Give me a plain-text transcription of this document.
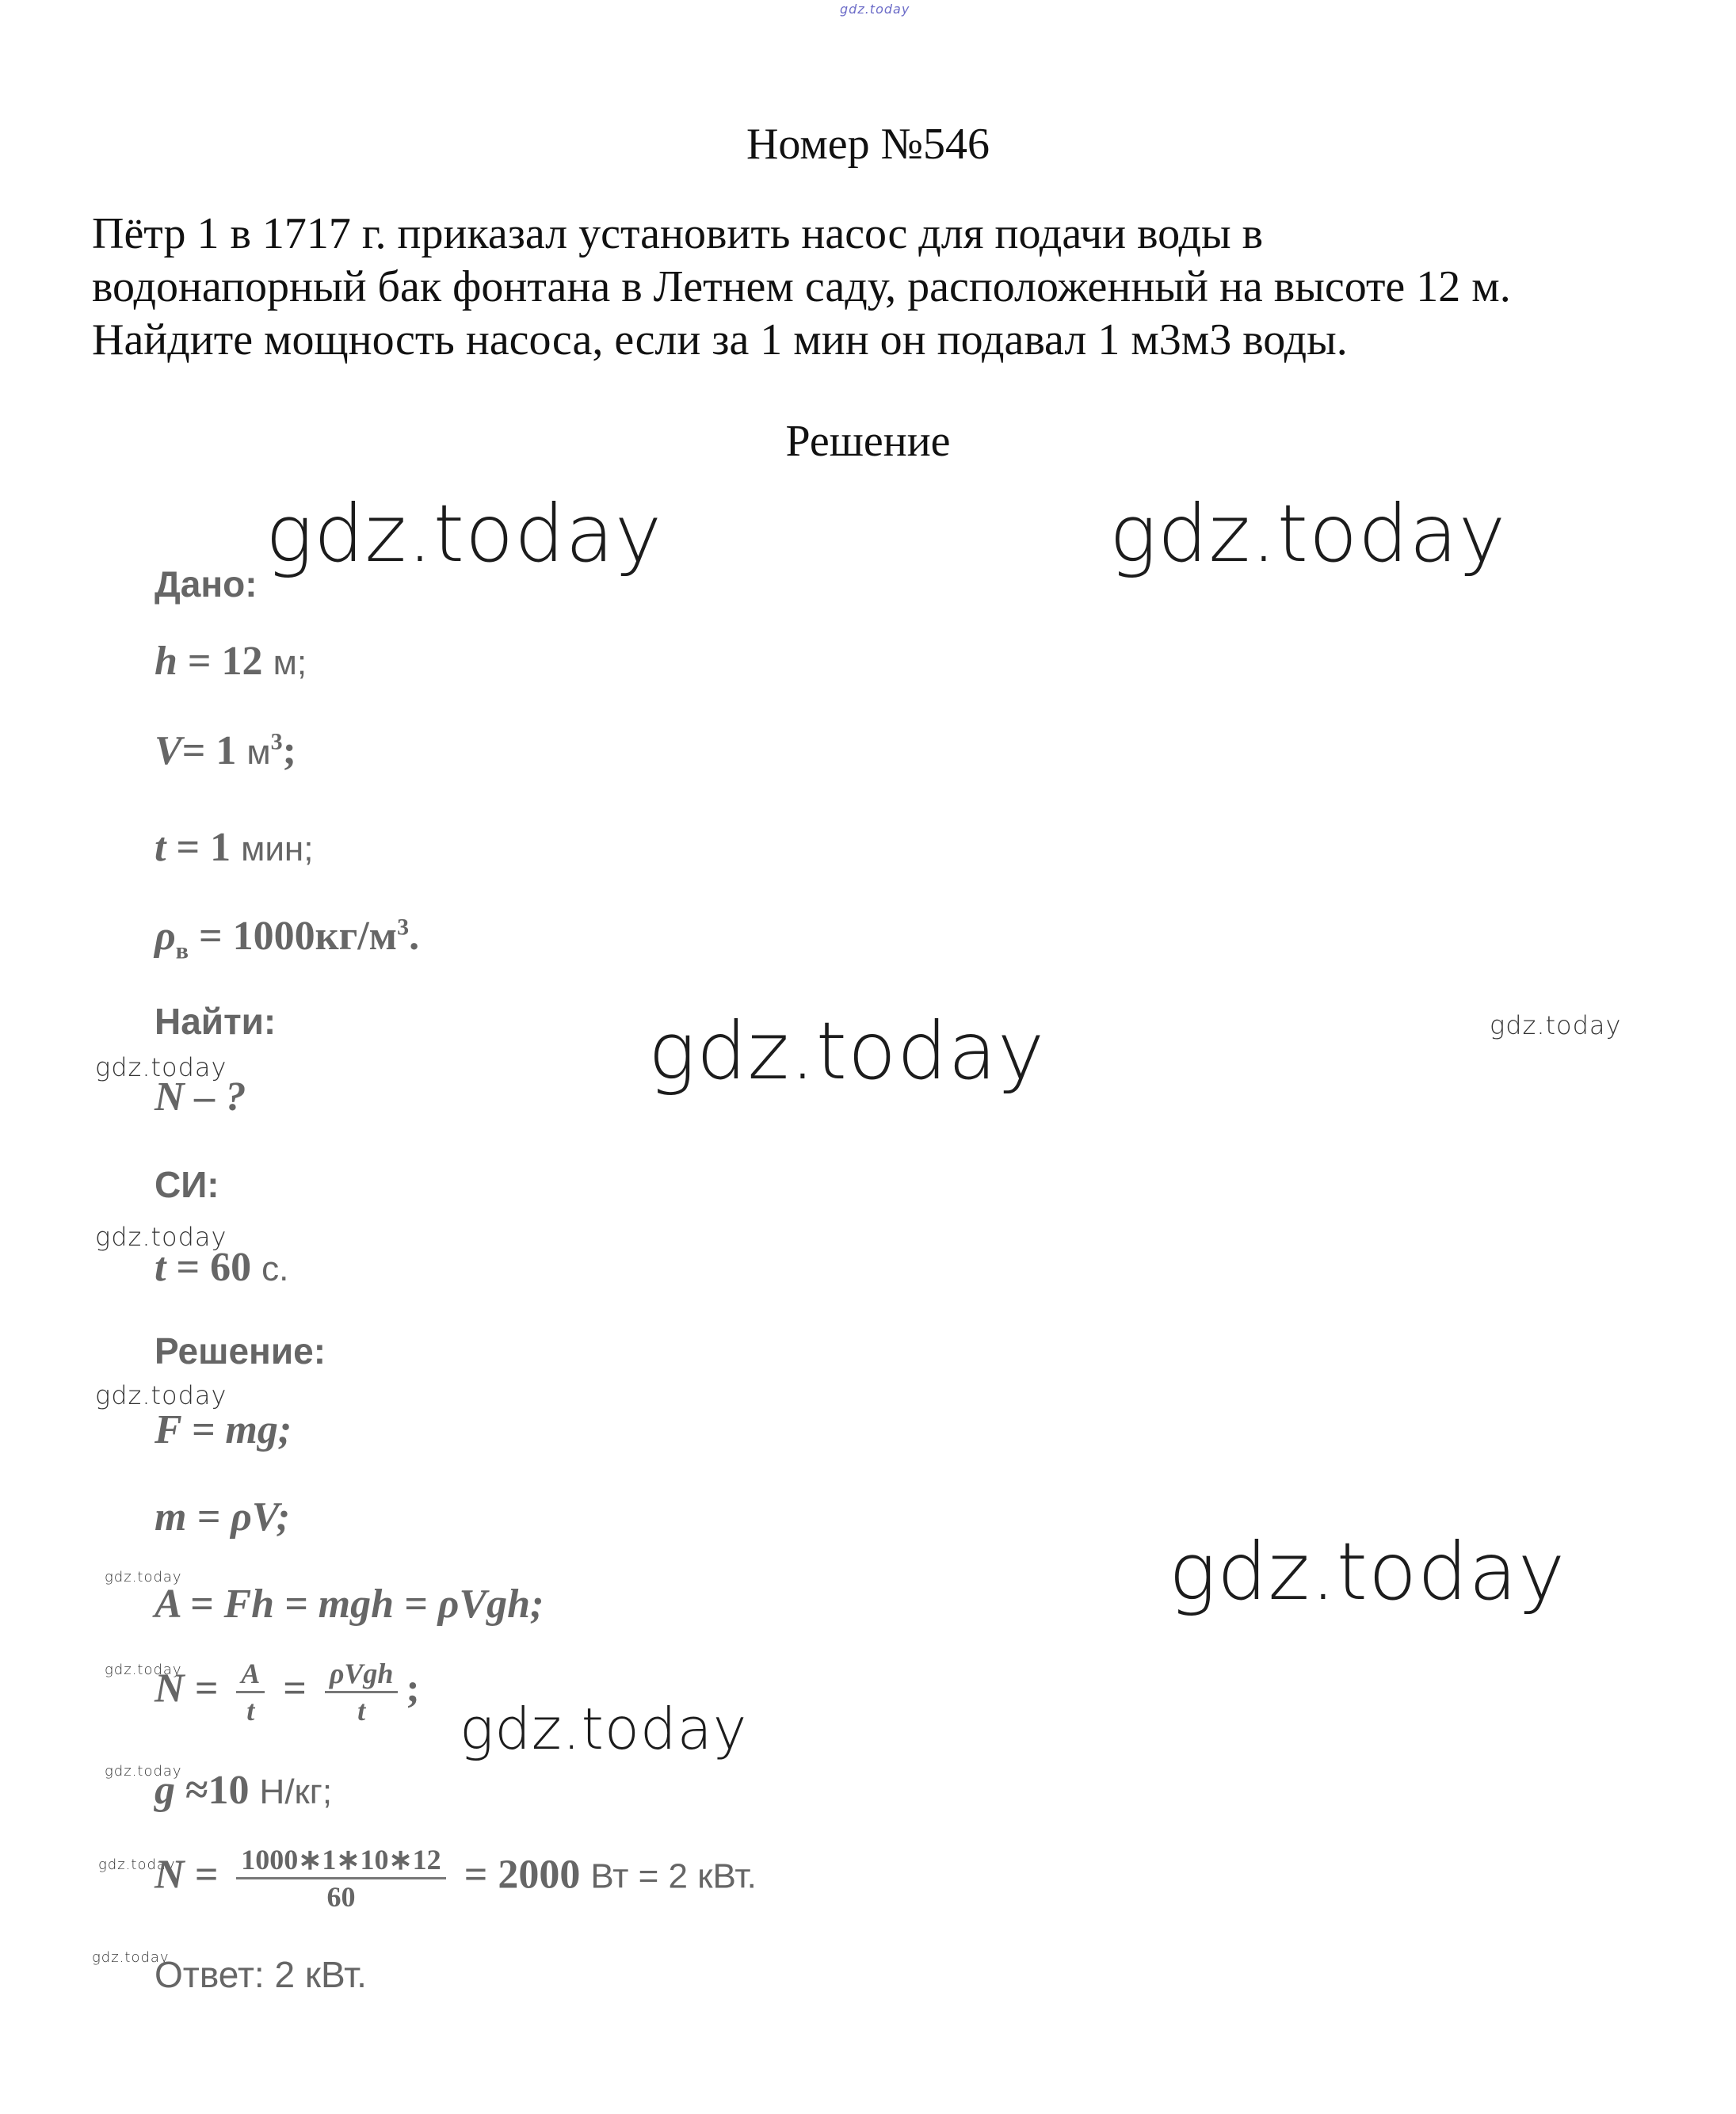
gdz.today
gdz.today	gdz.today
gdz.today
gdz.today
gdz.today
gdz.today
gdz.today
gdz.today
gdz.today
gdz.today
gdz.today
gdz.today
gdz.today
gdz.today
Номер №546

Пётр 1 в 1717 г. приказал установить насос для подачи воды в

водонапорный бак фонтана в Летнем саду, расположенный на высоте 12 м.

Найдите мощность насоса, если за 1 мин он подавал 1 м3м3 воды.

Решение
Дано:
h = 12 м;
V= 1 $м^3$;
t = 1 мин;
$\rho_в = 1000кг/м^3$.
Найти:
N – ?
СИ:
t = 60 с.
Решение:
F = mg;
m = ρV;
A = Fh = mgh = ρVgh;
$N = \frac{A}{t} = \frac{\text{ρVgh}}{t}$ ;
g ≈10 Н/кг;
$N = \frac{1000∗1∗10∗12}{60} = 2000$ Вт = 2 кВт.
Ответ: 2 кВт.
